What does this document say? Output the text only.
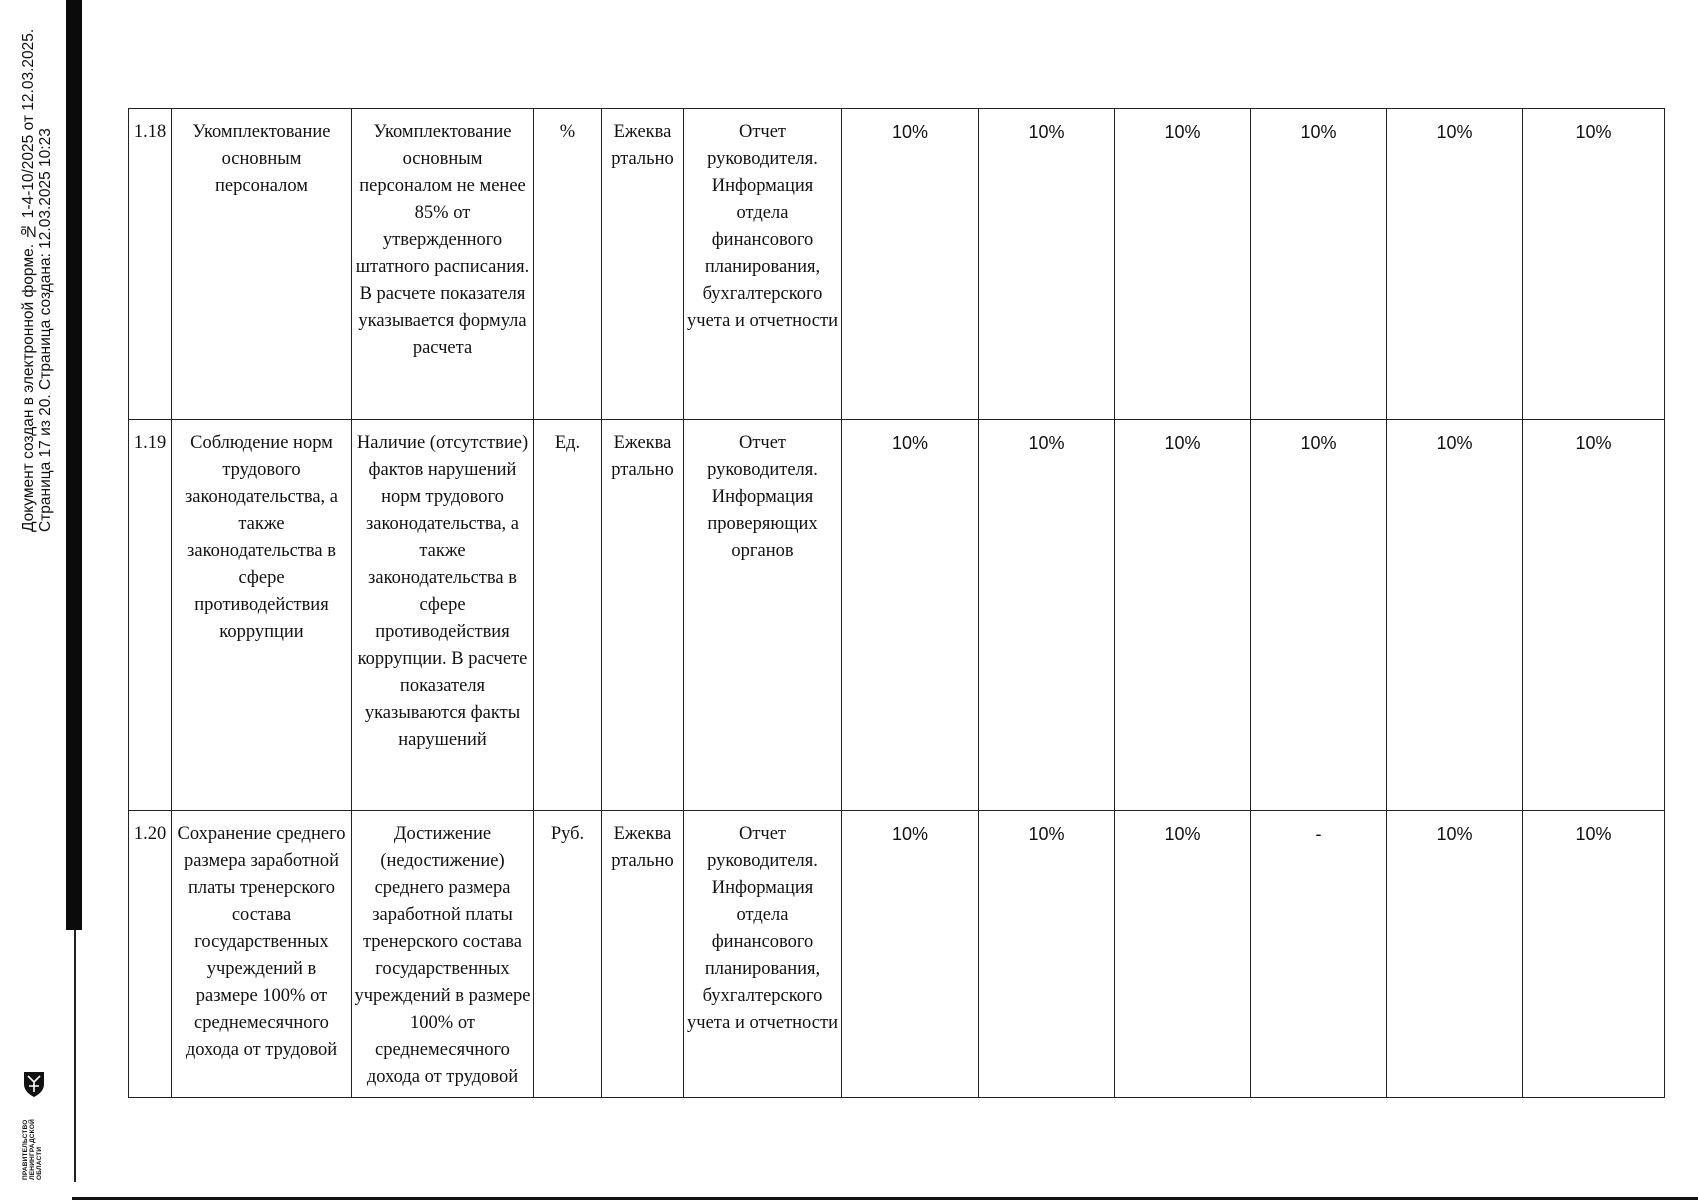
Документ создан в электронной форме. № 1-4-10/2025 от 12.03.2025. Страница 17 из 20. Страница создана: 12.03.2025 10:23
ПРАВИТЕЛЬСТВО ЛЕНИНГРАДСКОЙ ОБЛАСТИ
1.18	Укомплектование основным персоналом	Укомплектование основным персоналом не менее 85% от утвержденного штатного расписания. В расчете показателя указывается формула расчета	%	Ежеква ртально	Отчет руководителя. Информация отдела финансового планирования, бухгалтерского учета и отчетности	10%	10%	10%	10%	10%	10%
1.19	Соблюдение норм трудового законодательства, а также законодательства в сфере противодействия коррупции	Наличие (отсутствие) фактов нарушений норм трудового законодательства, а также законодательства в сфере противодействия коррупции. В расчете показателя указываются факты нарушений	Ед.	Ежеква ртально	Отчет руководителя. Информация проверяющих органов	10%	10%	10%	10%	10%	10%
1.20	Сохранение среднего размера заработной платы тренерского состава государственных учреждений в размере 100% от среднемесячного дохода от трудовой	Достижение (недостижение) среднего размера заработной платы тренерского состава государственных учреждений в размере 100% от среднемесячного дохода от трудовой	Руб.	Ежеква ртально	Отчет руководителя. Информация отдела финансового планирования, бухгалтерского учета и отчетности	10%	10%	10%	-	10%	10%
